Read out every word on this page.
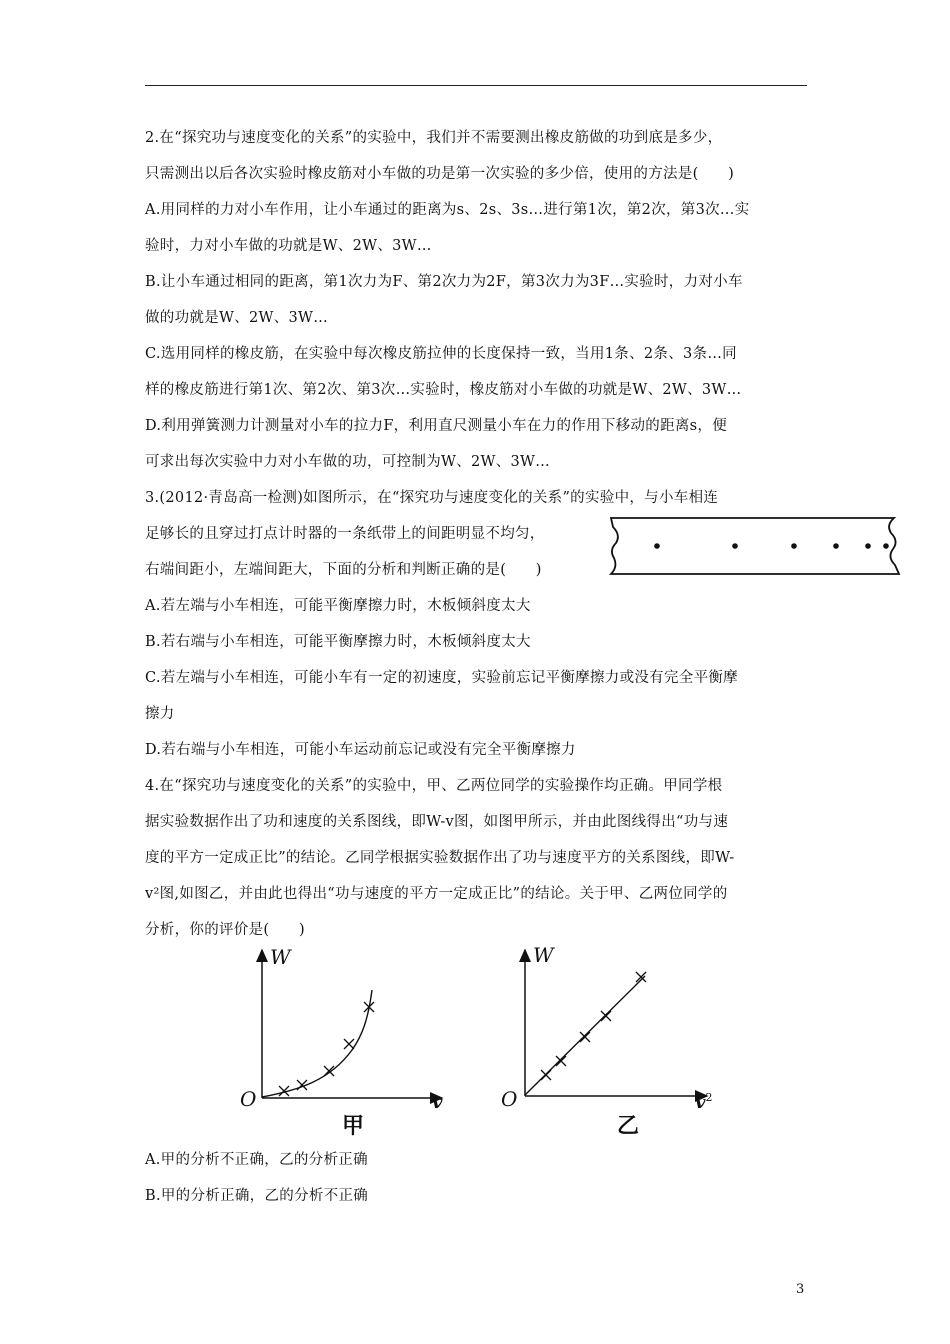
2.在“探究功与速度变化的关系”的实验中，我们并不需要测出橡皮筋做的功到底是多少，
只需测出以后各次实验时橡皮筋对小车做的功是第一次实验的多少倍，使用的方法是(　　)
A.用同样的力对小车作用，让小车通过的距离为s、2s、3s…进行第1次，第2次，第3次…实
验时，力对小车做的功就是W、2W、3W…
B.让小车通过相同的距离，第1次力为F、第2次力为2F，第3次力为3F…实验时，力对小车
做的功就是W、2W、3W…
C.选用同样的橡皮筋，在实验中每次橡皮筋拉伸的长度保持一致，当用1条、2条、3条…同
样的橡皮筋进行第1次、第2次、第3次…实验时，橡皮筋对小车做的功就是W、2W、3W…
D.利用弹簧测力计测量对小车的拉力F，利用直尺测量小车在力的作用下移动的距离s，便
可求出每次实验中力对小车做的功，可控制为W、2W、3W…
3.(2012·青岛高一检测)如图所示，在“探究功与速度变化的关系”的实验中，与小车相连
足够长的且穿过打点计时器的一条纸带上的间距明显不均匀，
右端间距小，左端间距大，下面的分析和判断正确的是(　　)
A.若左端与小车相连，可能平衡摩擦力时，木板倾斜度太大
B.若右端与小车相连，可能平衡摩擦力时，木板倾斜度太大
C.若左端与小车相连，可能小车有一定的初速度，实验前忘记平衡摩擦力或没有完全平衡摩
擦力
D.若右端与小车相连，可能小车运动前忘记或没有完全平衡摩擦力
4.在“探究功与速度变化的关系”的实验中，甲、乙两位同学的实验操作均正确。甲同学根
据实验数据作出了功和速度的关系图线，即W-v图，如图甲所示，并由此图线得出“功与速
度的平方一定成正比”的结论。乙同学根据实验数据作出了功与速度平方的关系图线，即W-
v²图,如图乙，并由此也得出“功与速度的平方一定成正比”的结论。关于甲、乙两位同学的
分析，你的评价是(　　)
W
O	v
甲
W
O	$v^2$
乙
A.甲的分析不正确，乙的分析正确
B.甲的分析正确，乙的分析不正确
3
